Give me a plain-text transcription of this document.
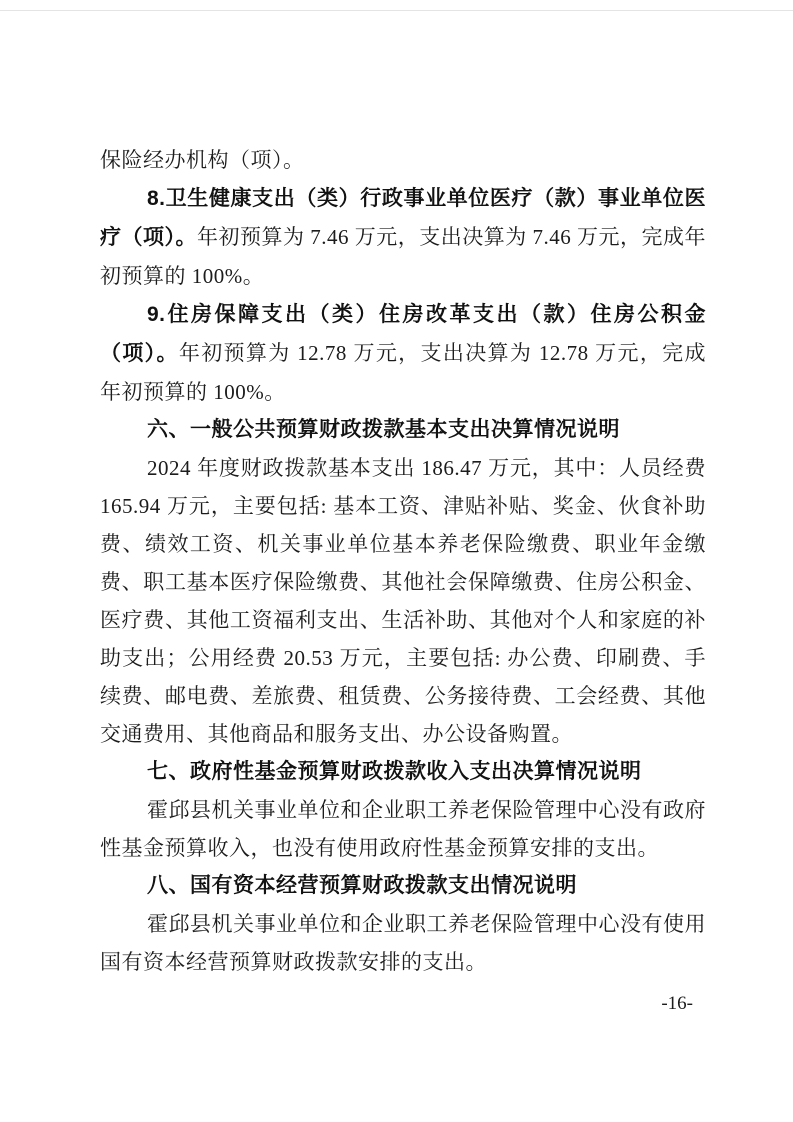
保险经办机构（项）。

8.卫生健康支出（类）行政事业单位医疗（款）事业单位医疗（项）。年初预算为 7.46 万元，支出决算为 7.46 万元，完成年初预算的 100%。

9.住房保障支出（类）住房改革支出（款）住房公积金（项）。年初预算为 12.78 万元，支出决算为 12.78 万元，完成年初预算的 100%。

六、一般公共预算财政拨款基本支出决算情况说明

2024 年度财政拨款基本支出 186.47 万元，其中：人员经费 165.94 万元，主要包括: 基本工资、津贴补贴、奖金、伙食补助费、绩效工资、机关事业单位基本养老保险缴费、职业年金缴费、职工基本医疗保险缴费、其他社会保障缴费、住房公积金、医疗费、其他工资福利支出、生活补助、其他对个人和家庭的补助支出；公用经费 20.53 万元，主要包括: 办公费、印刷费、手续费、邮电费、差旅费、租赁费、公务接待费、工会经费、其他交通费用、其他商品和服务支出、办公设备购置。

七、政府性基金预算财政拨款收入支出决算情况说明

霍邱县机关事业单位和企业职工养老保险管理中心没有政府性基金预算收入，也没有使用政府性基金预算安排的支出。

八、国有资本经营预算财政拨款支出情况说明

霍邱县机关事业单位和企业职工养老保险管理中心没有使用国有资本经营预算财政拨款安排的支出。

-16-
